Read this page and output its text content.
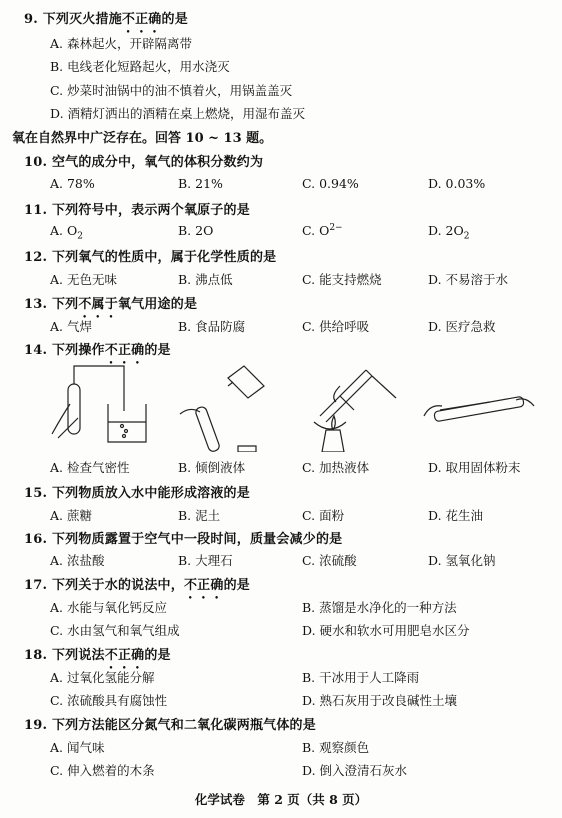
9. 下列灭火措施不正确的是
A. 森林起火，开辟隔离带
B. 电线老化短路起火，用水浇灭
C. 炒菜时油锅中的油不慎着火，用锅盖盖灭
D. 酒精灯洒出的酒精在桌上燃烧，用湿布盖灭
氧在自然界中广泛存在。回答 10 ~ 13 题。
10. 空气的成分中，氧气的体积分数约为
A. 78%	B. 21%	C. 0.94%	D. 0.03%
11. 下列符号中，表示两个氧原子的是
A. $O_2$	B. 2O	C. $O^{2-}$	D. $2O_2$
12. 下列氧气的性质中，属于化学性质的是
A. 无色无味	B. 沸点低	C. 能支持燃烧	D. 不易溶于水
13. 下列不属于氧气用途的是
A. 气焊	B. 食品防腐	C. 供给呼吸	D. 医疗急救
14. 下列操作不正确的是
A. 检查气密性	B. 倾倒液体	C. 加热液体	D. 取用固体粉末
15. 下列物质放入水中能形成溶液的是
A. 蔗糖	B. 泥土	C. 面粉	D. 花生油
16. 下列物质露置于空气中一段时间，质量会减少的是
A. 浓盐酸	B. 大理石	C. 浓硫酸	D. 氢氧化钠
17. 下列关于水的说法中，不正确的是
A. 水能与氧化钙反应	B. 蒸馏是水净化的一种方法
C. 水由氢气和氧气组成	D. 硬水和软水可用肥皂水区分
18. 下列说法不正确的是
A. 过氧化氢能分解	B. 干冰用于人工降雨
C. 浓硫酸具有腐蚀性	D. 熟石灰用于改良碱性土壤
19. 下列方法能区分氮气和二氧化碳两瓶气体的是
A. 闻气味	B. 观察颜色
C. 伸入燃着的木条	D. 倒入澄清石灰水
化学试卷　第 2 页（共 8 页）
